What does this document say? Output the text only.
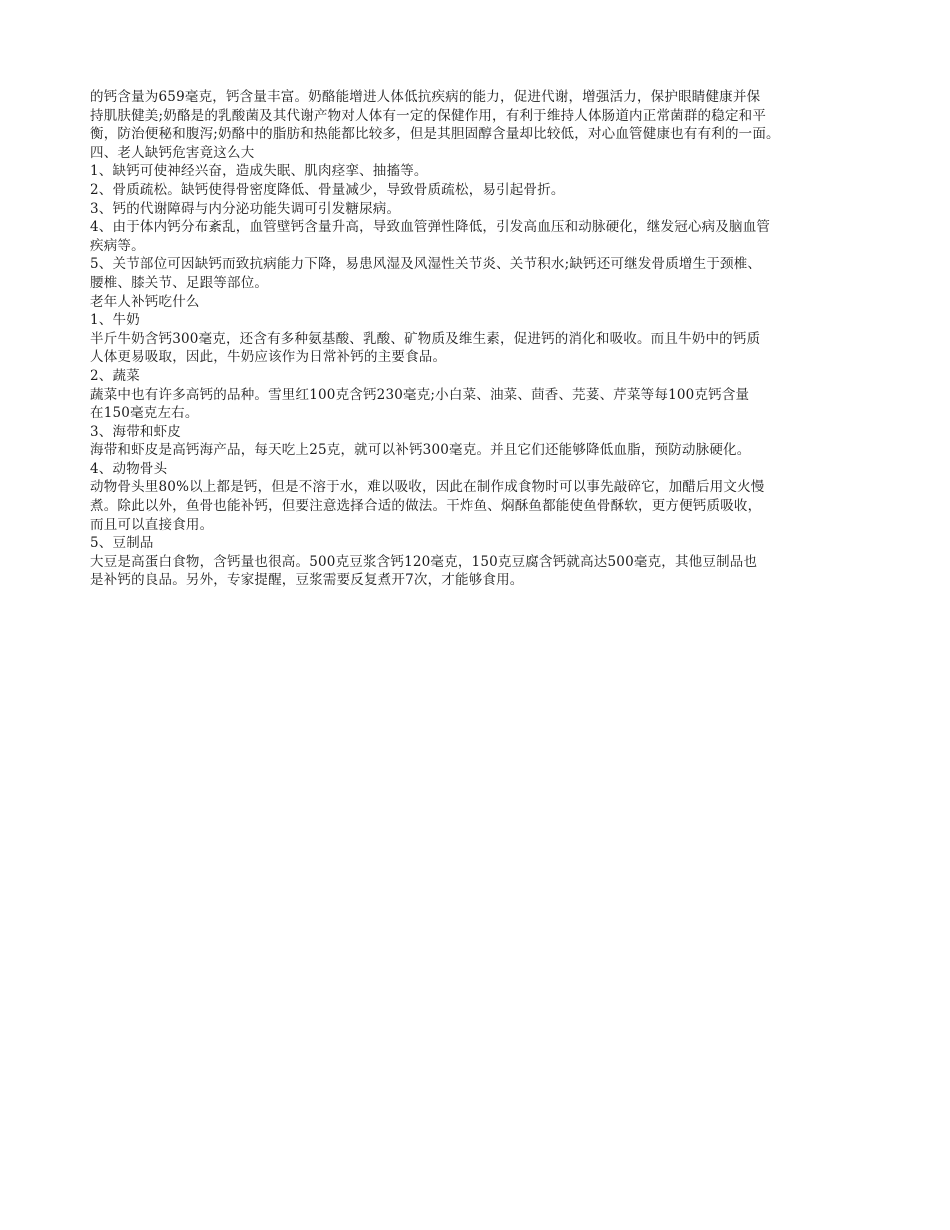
的钙含量为659毫克，钙含量丰富。奶酪能增进人体低抗疾病的能力，促进代谢，增强活力，保护眼睛健康并保
持肌肤健美;奶酪是的乳酸菌及其代谢产物对人体有一定的保健作用，有利于维持人体肠道内正常菌群的稳定和平
衡，防治便秘和腹泻;奶酪中的脂肪和热能都比较多，但是其胆固醇含量却比较低，对心血管健康也有有利的一面。
四、老人缺钙危害竟这么大
1、缺钙可使神经兴奋，造成失眠、肌肉痉挛、抽搐等。
2、骨质疏松。缺钙使得骨密度降低、骨量减少，导致骨质疏松，易引起骨折。
3、钙的代谢障碍与内分泌功能失调可引发糖尿病。
4、由于体内钙分布紊乱，血管壁钙含量升高，导致血管弹性降低，引发高血压和动脉硬化，继发冠心病及脑血管
疾病等。
5、关节部位可因缺钙而致抗病能力下降，易患风湿及风湿性关节炎、关节积水;缺钙还可继发骨质增生于颈椎、
腰椎、膝关节、足跟等部位。
老年人补钙吃什么
1、牛奶
半斤牛奶含钙300毫克，还含有多种氨基酸、乳酸、矿物质及维生素，促进钙的消化和吸收。而且牛奶中的钙质
人体更易吸取，因此，牛奶应该作为日常补钙的主要食品。
2、蔬菜
蔬菜中也有许多高钙的品种。雪里红100克含钙230毫克;小白菜、油菜、茴香、芫荽、芹菜等每100克钙含量
在150毫克左右。
3、海带和虾皮
海带和虾皮是高钙海产品，每天吃上25克，就可以补钙300毫克。并且它们还能够降低血脂，预防动脉硬化。
4、动物骨头
动物骨头里80%以上都是钙，但是不溶于水，难以吸收，因此在制作成食物时可以事先敲碎它，加醋后用文火慢
煮。除此以外，鱼骨也能补钙，但要注意选择合适的做法。干炸鱼、焖酥鱼都能使鱼骨酥软，更方便钙质吸收，
而且可以直接食用。
5、豆制品
大豆是高蛋白食物，含钙量也很高。500克豆浆含钙120毫克，150克豆腐含钙就高达500毫克，其他豆制品也
是补钙的良品。另外，专家提醒，豆浆需要反复煮开7次，才能够食用。
